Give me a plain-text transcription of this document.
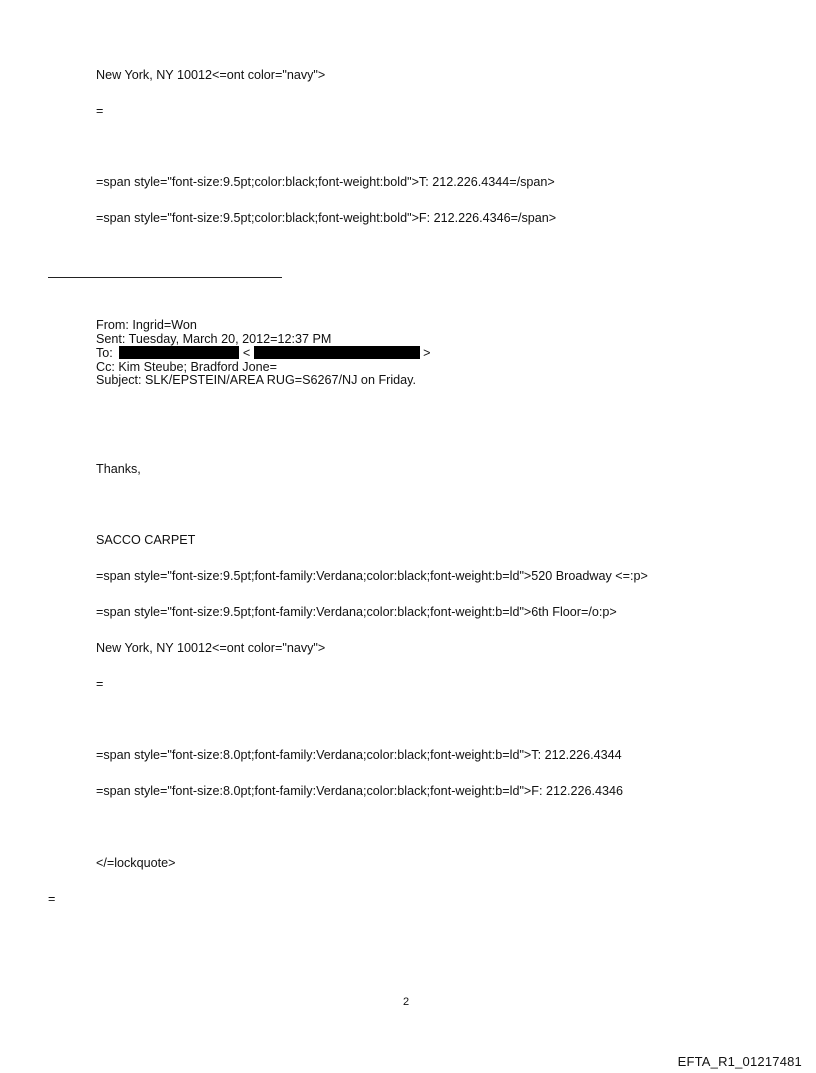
New York, NY 10012<=ont color="navy">
=
=span style="font-size:9.5pt;color:black;font-weight:bold">T: 212.226.4344=/span>
=span style="font-size:9.5pt;color:black;font-weight:bold">F: 212.226.4346=/span>
From: Ingrid=Won
Sent: Tuesday, March 20, 2012=12:37 PM
To:	<	>
Cc: Kim Steube; Bradford Jone=
Subject: SLK/EPSTEIN/AREA RUG=S6267/NJ on Friday.
Thanks,
SACCO CARPET
=span style="font-size:9.5pt;font-family:Verdana;color:black;font-weight:b=ld">520 Broadway <=:p>
=span style="font-size:9.5pt;font-family:Verdana;color:black;font-weight:b=ld">6th Floor=/o:p>
New York, NY 10012<=ont color="navy">
=
=span style="font-size:8.0pt;font-family:Verdana;color:black;font-weight:b=ld">T: 212.226.4344
=span style="font-size:8.0pt;font-family:Verdana;color:black;font-weight:b=ld">F: 212.226.4346
</=lockquote>
=
2
EFTA_R1_01217481
